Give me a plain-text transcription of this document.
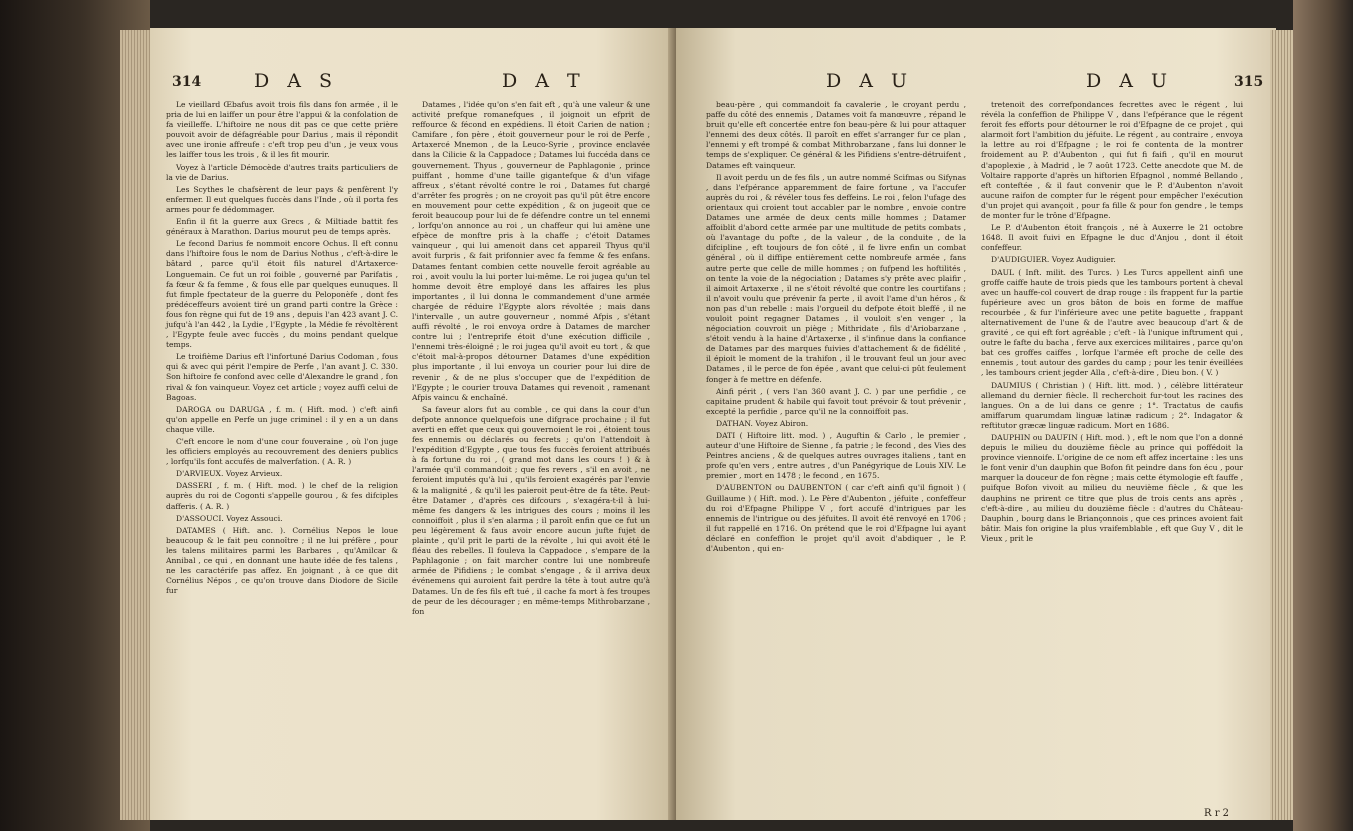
314	D A S	D A T

Le vieillard Œbafus avoit trois fils dans fon armée , il le pria de lui en laiffer un pour être l'appui & la confolation de fa vieilleffe. L'hiftoire ne nous dit pas ce que cette prière pouvoit avoir de défagréable pour Darius , mais il répondit avec une ironie affreufe : c'eft trop peu d'un , je veux vous les laiffer tous les trois , & il les fit mourir.

Voyez à l'article Démocède d'autres traits particuliers de la vie de Darius.

Les Scythes le chafsèrent de leur pays & penfèrent l'y enfermer. Il eut quelques fuccès dans l'Inde , où il porta fes armes pour fe dédommager.

Enfin il fit la guerre aux Grecs , & Miltiade battit fes généraux à Marathon. Darius mourut peu de temps après.

Le fecond Darius fe nommoit encore Ochus. Il eft connu dans l'hiftoire fous le nom de Darius Nothus , c'eft-à-dire le bâtard , parce qu'il étoit fils naturel d'Artaxerce-Longuemain. Ce fut un roi foible , gouverné par Parifatis , fa fœur & fa femme , & fous elle par quelques eunuques. Il fut fimple fpectateur de la guerre du Peloponèfe , dont fes prédéceffeurs avoient tiré un grand parti contre la Grèce : fous fon règne qui fut de 19 ans , depuis l'an 423 avant J. C. jufqu'à l'an 442 , la Lydie , l'Egypte , la Médie fe révoltèrent , l'Egypte feule avec fuccès , du moins pendant quelque temps.

Le troifième Darius eft l'infortuné Darius Codoman , fous qui & avec qui périt l'empire de Perfe , l'an avant J. C. 330. Son hiftoire fe confond avec celle d'Alexandre le grand , fon rival & fon vainqueur. Voyez cet article ; voyez auffi celui de Bagoas.

DAROGA ou DARUGA , f. m. ( Hift. mod. ) c'eft ainfi qu'on appelle en Perfe un juge criminel : il y en a un dans chaque ville.

C'eft encore le nom d'une cour fouveraine , où l'on juge les officiers employés au recouvrement des deniers publics , lorfqu'ils font accufés de malverfation. ( A. R. )

D'ARVIEUX. Voyez Arvieux.

DASSERI , f. m. ( Hift. mod. ) le chef de la religion auprès du roi de Cogonti s'appelle gourou , & fes difciples dafferis. ( A. R. )

D'ASSOUCI. Voyez Assouci.

DATAMES ( Hift. anc. ). Cornélius Nepos le loue beaucoup & le fait peu connoître ; il ne lui préfère , pour les talens militaires parmi les Barbares , qu'Amilcar & Annibal , ce qui , en donnant une haute idée de fes talens , ne les caractérife pas affez. En joignant , à ce que dit Cornélius Népos , ce qu'on trouve dans Diodore de Sicile fur

Datames , l'idée qu'on s'en fait eft , qu'à une valeur & une activité prefque romanefques , il joignoit un efprit de reffource & fécond en expédiens. Il étoit Carien de nation ; Camifare , fon père , étoit gouverneur pour le roi de Perfe , Artaxercé Mnemon , de la Leuco-Syrie , province enclavée dans la Cilicie & la Cappadoce ; Datames lui fuccéda dans ce gouvernement. Thyus , gouverneur de Paphlagonie , prince puiffant , homme d'une taille gigantefque & d'un vifage affreux , s'étant révolté contre le roi , Datames fut chargé d'arrêter fes progrès ; on ne croyoit pas qu'il pût être encore en mouvement pour cette expédition , & on jugeoit que ce feroit beaucoup pour lui de fe défendre contre un tel ennemi , lorfqu'on annonce au roi , un chaffeur qui lui amène une efpèce de monftre pris à la chaffe ; c'étoit Datames vainqueur , qui lui amenoit dans cet appareil Thyus qu'il avoit furpris , & fait prifonnier avec fa femme & fes enfans. Datames fentant combien cette nouvelle feroit agréable au roi , avoit voulu la lui porter lui-même. Le roi jugea qu'un tel homme devoit être employé dans les affaires les plus importantes , il lui donna le commandement d'une armée chargée de réduire l'Egypte alors révoltée ; mais dans l'intervalle , un autre gouverneur , nommé Afpis , s'étant auffi révolté , le roi envoya ordre à Datames de marcher contre lui ; l'entreprife étoit d'une exécution difficile , l'ennemi très-éloigné ; le roi jugea qu'il avoit eu tort , & que c'étoit mal-à-propos détourner Datames d'une expédition plus importante , il lui envoya un courier pour lui dire de revenir , & de ne plus s'occuper que de l'expédition de l'Egypte ; le courier trouva Datames qui revenoit , ramenant Afpis vaincu & enchaîné.

Sa faveur alors fut au comble , ce qui dans la cour d'un defpote annonce quelquefois une difgrace prochaine ; il fut averti en effet que ceux qui gouvernoient le roi , étoient tous fes ennemis ou déclarés ou fecrets ; qu'on l'attendoit à l'expédition d'Egypte , que tous fes fuccès feroient attribués à fa fortune du roi , ( grand mot dans les cours ! ) & à l'armée qu'il commandoit ; que fes revers , s'il en avoit , ne feroient imputés qu'à lui , qu'ils feroient exagérés par l'envie & la malignité , & qu'il les paieroit peut-être de fa tête. Peut-être Datamer , d'après ces difcours , s'exagéra-t-il à lui-même fes dangers & les intrigues des cours ; moins il les connoiffoit , plus il s'en alarma ; il paroît enfin que ce fut un peu légèrement & faus avoir encore aucun jufte fujet de plainte , qu'il prit le parti de la révolte , lui qui avoit été le fléau des rebelles. Il fouleva la Cappadoce , s'empare de la Paphlagonie ; on fait marcher contre lui une nombreufe armée de Pifidiens ; le combat s'engage , & il arriva deux événemens qui auroient fait perdre la tête à tout autre qu'à Datames. Un de fes fils eft tué , il cache fa mort à fes troupes de peur de les décourager ; en même-temps Mithrobarzane , fon

D A U	D A U	315

beau-père , qui commandoit fa cavalerie , le croyant perdu , paffe du côté des ennemis , Datames voit fa manœuvre , répand le bruit qu'elle eft concertée entre fon beau-père & lui pour attaquer l'ennemi des deux côtés. Il paroît en effet s'arranger fur ce plan , l'ennemi y eft trompé & combat Mithrobarzane , fans lui donner le temps de s'expliquer. Ce général & les Pifidiens s'entre-détruifent , Datames eft vainqueur.

Il avoit perdu un de fes fils , un autre nommé Scifmas ou Sifynas , dans l'efpérance apparemment de faire fortune , va l'accufer auprès du roi , & révéler tous fes deffeins. Le roi , felon l'ufage des orientaux qui croient tout accabler par le nombre , envoie contre Datames une armée de deux cents mille hommes ; Datamer affoiblit d'abord cette armée par une multitude de petits combats , où l'avantage du pofte , de la valeur , de la conduite , de la difcipline , eft toujours de fon côté , il fe livre enfin un combat général , où il diffipe entièrement cette nombreufe armée , fans autre perte que celle de mille hommes ; on fufpend les hoftilités , on tente la voie de la négociation ; Datames s'y prête avec plaifir , il aimoit Artaxerxe , il ne s'étoit révolté que contre les courtifans ; il n'avoit voulu que prévenir fa perte , il avoit l'ame d'un héros , & non pas d'un rebelle : mais l'orgueil du defpote étoit bleffé , il ne vouloit point regagner Datames , il vouloit s'en venger , la négociation couvroit un piège ; Mithridate , fils d'Ariobarzane , s'étoit vendu à la haine d'Artaxerxe , il s'infinue dans la confiance de Datames par des marques fuivies d'attachement & de fidélité , il épioit le moment de la trahifon , il le trouvant feul un jour avec Datames , il le perce de fon épée , avant que celui-ci pût feulement fonger à fe mettre en défenfe.

Ainfi périt , ( vers l'an 360 avant J. C. ) par une perfidie , ce capitaine prudent & habile qui favoit tout prévoir & tout prévenir , excepté la perfidie , parce qu'il ne la connoiffoit pas.

DATHAN. Voyez Abiron.

DATI ( Hiftoire litt. mod. ) , Auguftin & Carlo , le premier , auteur d'une Hiftoire de Sienne , fa patrie ; le fecond , des Vies des Peintres anciens , & de quelques autres ouvrages italiens , tant en profe qu'en vers , entre autres , d'un Panégyrique de Louis XIV. Le premier , mort en 1478 ; le fecond , en 1675.

D'AUBENTON ou DAUBENTON ( car c'eft ainfi qu'il fignoit ) ( Guillaume ) ( Hift. mod. ). Le Père d'Aubenton , jéfuite , confeffeur du roi d'Efpagne Philippe V , fort accufé d'intrigues par les ennemis de l'intrigue ou des jéfuites. Il avoit été renvoyé en 1706 ; il fut rappellé en 1716. On prétend que le roi d'Efpagne lui ayant déclaré en confeffion le projet qu'il avoit d'abdiquer , le P. d'Aubenton , qui en-

tretenoit des correfpondances fecrettes avec le régent , lui révéla la confeffion de Philippe V , dans l'efpérance que le régent feroit fes efforts pour détourner le roi d'Efpagne de ce projet , qui alarmoit fort l'ambition du jéfuite. Le régent , au contraire , envoya la lettre au roi d'Efpagne ; le roi fe contenta de la montrer froidement au P. d'Aubenton , qui fut fi faifi , qu'il en mourut d'apoplexie , à Madrid , le 7 août 1723. Cette anecdote que M. de Voltaire rapporte d'après un hiftorien Efpagnol , nommé Bellando , eft conteftée , & il faut convenir que le P. d'Aubenton n'avoit aucune raifon de compter fur le régent pour empêcher l'exécution d'un projet qui avançoit , pour fa fille & pour fon gendre , le temps de monter fur le trône d'Efpagne.

Le P. d'Aubenton étoit françois , né à Auxerre le 21 octobre 1648. Il avoit fuivi en Efpagne le duc d'Anjou , dont il étoit confeffeur.

D'AUDIGUIER. Voyez Audiguier.

DAUL ( Inft. milit. des Turcs. ) Les Turcs appellent ainfi une groffe caiffe haute de trois pieds que les tambours portent à cheval avec un hauffe-col couvert de drap rouge : ils frappent fur la partie fupérieure avec un gros bâton de bois en forme de maffue recourbée , & fur l'inférieure avec une petite baguette , frappant alternativement de l'une & de l'autre avec beaucoup d'art & de gravité , ce qui eft fort agréable ; c'eft - là l'unique inftrument qui , outre le fafte du bacha , ferve aux exercices militaires , parce qu'on bat ces groffes caiffes , lorfque l'armée eft proche de celle des ennemis , tout autour des gardes du camp ; pour les tenir éveillées , les tambours crient jegder Alla , c'eft-à-dire , Dieu bon. ( V. )

DAUMIUS ( Christian ) ( Hift. litt. mod. ) , célèbre littérateur allemand du dernier fiècle. Il recherchoit fur-tout les racines des langues. On a de lui dans ce genre ; 1°. Tractatus de caufis amiffarum quarumdam linguæ latinæ radicum ; 2°. Indagator & reftitutor græcæ linguæ radicum. Mort en 1686.

DAUPHIN ou DAUFIN ( Hift. mod. ) , eft le nom que l'on a donné depuis le milieu du douzième fiècle au prince qui poffédoit la province viennoife. L'origine de ce nom eft affez incertaine : les uns le font venir d'un dauphin que Bofon fit peindre dans fon écu , pour marquer la douceur de fon règne ; mais cette étymologie eft fauffe , puifque Bofon vivoit au milieu du neuvième fiècle , & que les dauphins ne prirent ce titre que plus de trois cents ans après , c'eft-à-dire , au milieu du douzième fiècle : d'autres du Château-Dauphin , bourg dans le Briançonnois , que ces princes avoient fait bâtir. Mais fon origine la plus vraifemblable , eft que Guy V , dit le Vieux , prit le

R r 2
